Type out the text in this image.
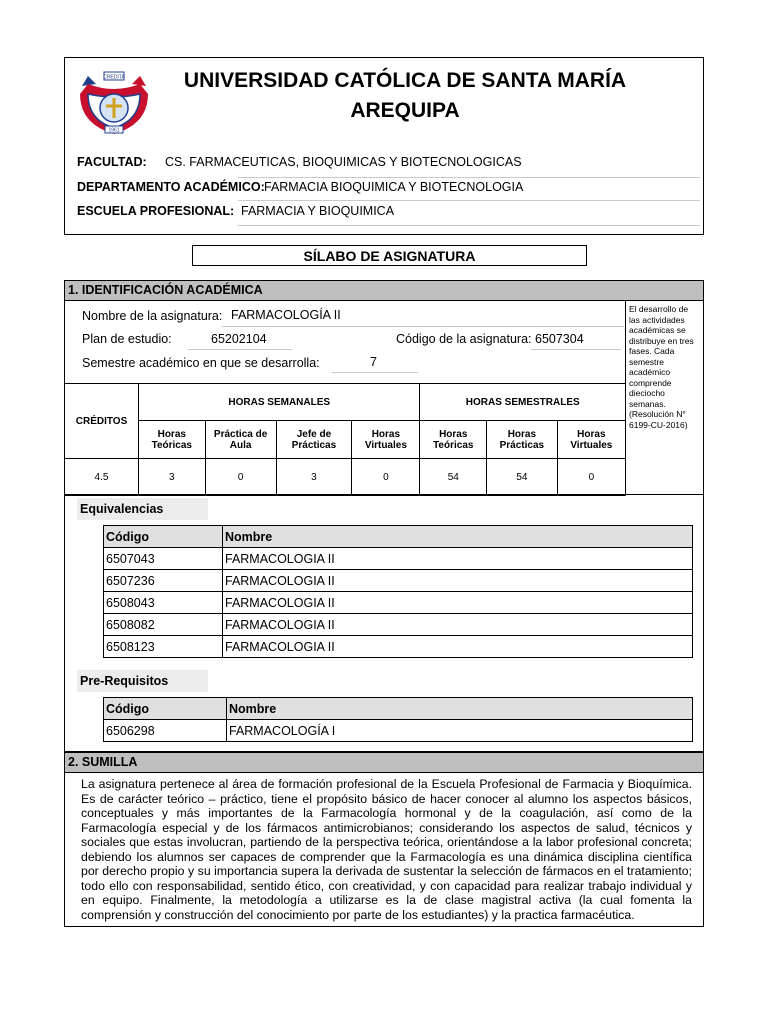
CREDITA
1961
UNIVERSIDAD CATÓLICA DE SANTA MARÍA
AREQUIPA
FACULTAD: CS. FARMACEUTICAS, BIOQUIMICAS Y BIOTECNOLOGICAS
DEPARTAMENTO ACADÉMICO: FARMACIA BIOQUIMICA Y BIOTECNOLOGIA
ESCUELA PROFESIONAL: FARMACIA Y BIOQUIMICA
SÍLABO DE ASIGNATURA
1. IDENTIFICACIÓN ACADÉMICA
El desarrollo de las actividades académicas se distribuye en tres fases. Cada semestre académico comprende dieciocho semanas. (Resolución N° 6199-CU-2016)
Nombre de la asignatura: FARMACOLOGÍA II
Plan de estudio:	65202104	Código de la asignatura: 6507304
Semestre académico en que se desarrolla:	7
CRÉDITOS	HORAS SEMANALES				HORAS SEMESTRALES		
	Horas Teóricas	Práctica de Aula	Jefe de Prácticas	Horas Virtuales	Horas Teóricas	Horas Prácticas	Horas Virtuales
4.5	3	0	3	0	54	54	0
Equivalencias
Código	Nombre
6507043	FARMACOLOGIA II
6507236	FARMACOLOGIA II
6508043	FARMACOLOGIA II
6508082	FARMACOLOGIA II
6508123	FARMACOLOGIA II
Pre-Requisitos
Código	Nombre
6506298	FARMACOLOGÍA I
2. SUMILLA
La asignatura pertenece al área de formación profesional de la Escuela Profesional de Farmacia y Bioquímica. Es de carácter teórico – práctico, tiene el propósito básico de hacer conocer al alumno los aspectos básicos, conceptuales y más importantes de la Farmacología hormonal y de la coagulación, así como de la Farmacología especial y de los fármacos antimicrobianos; considerando los aspectos de salud, técnicos y sociales que estas involucran, partiendo de la perspectiva teórica, orientándose a la labor profesional concreta; debiendo los alumnos ser capaces de comprender que la Farmacología es una dinámica disciplina científica por derecho propio y su importancia supera la derivada de sustentar la selección de fármacos en el tratamiento; todo ello con responsabilidad, sentido ético, con creatividad, y con capacidad para realizar trabajo individual y en equipo. Finalmente, la metodología a utilizarse es la de clase magistral activa (la cual fomenta la comprensión y construcción del conocimiento por parte de los estudiantes) y la practica farmacéutica.
